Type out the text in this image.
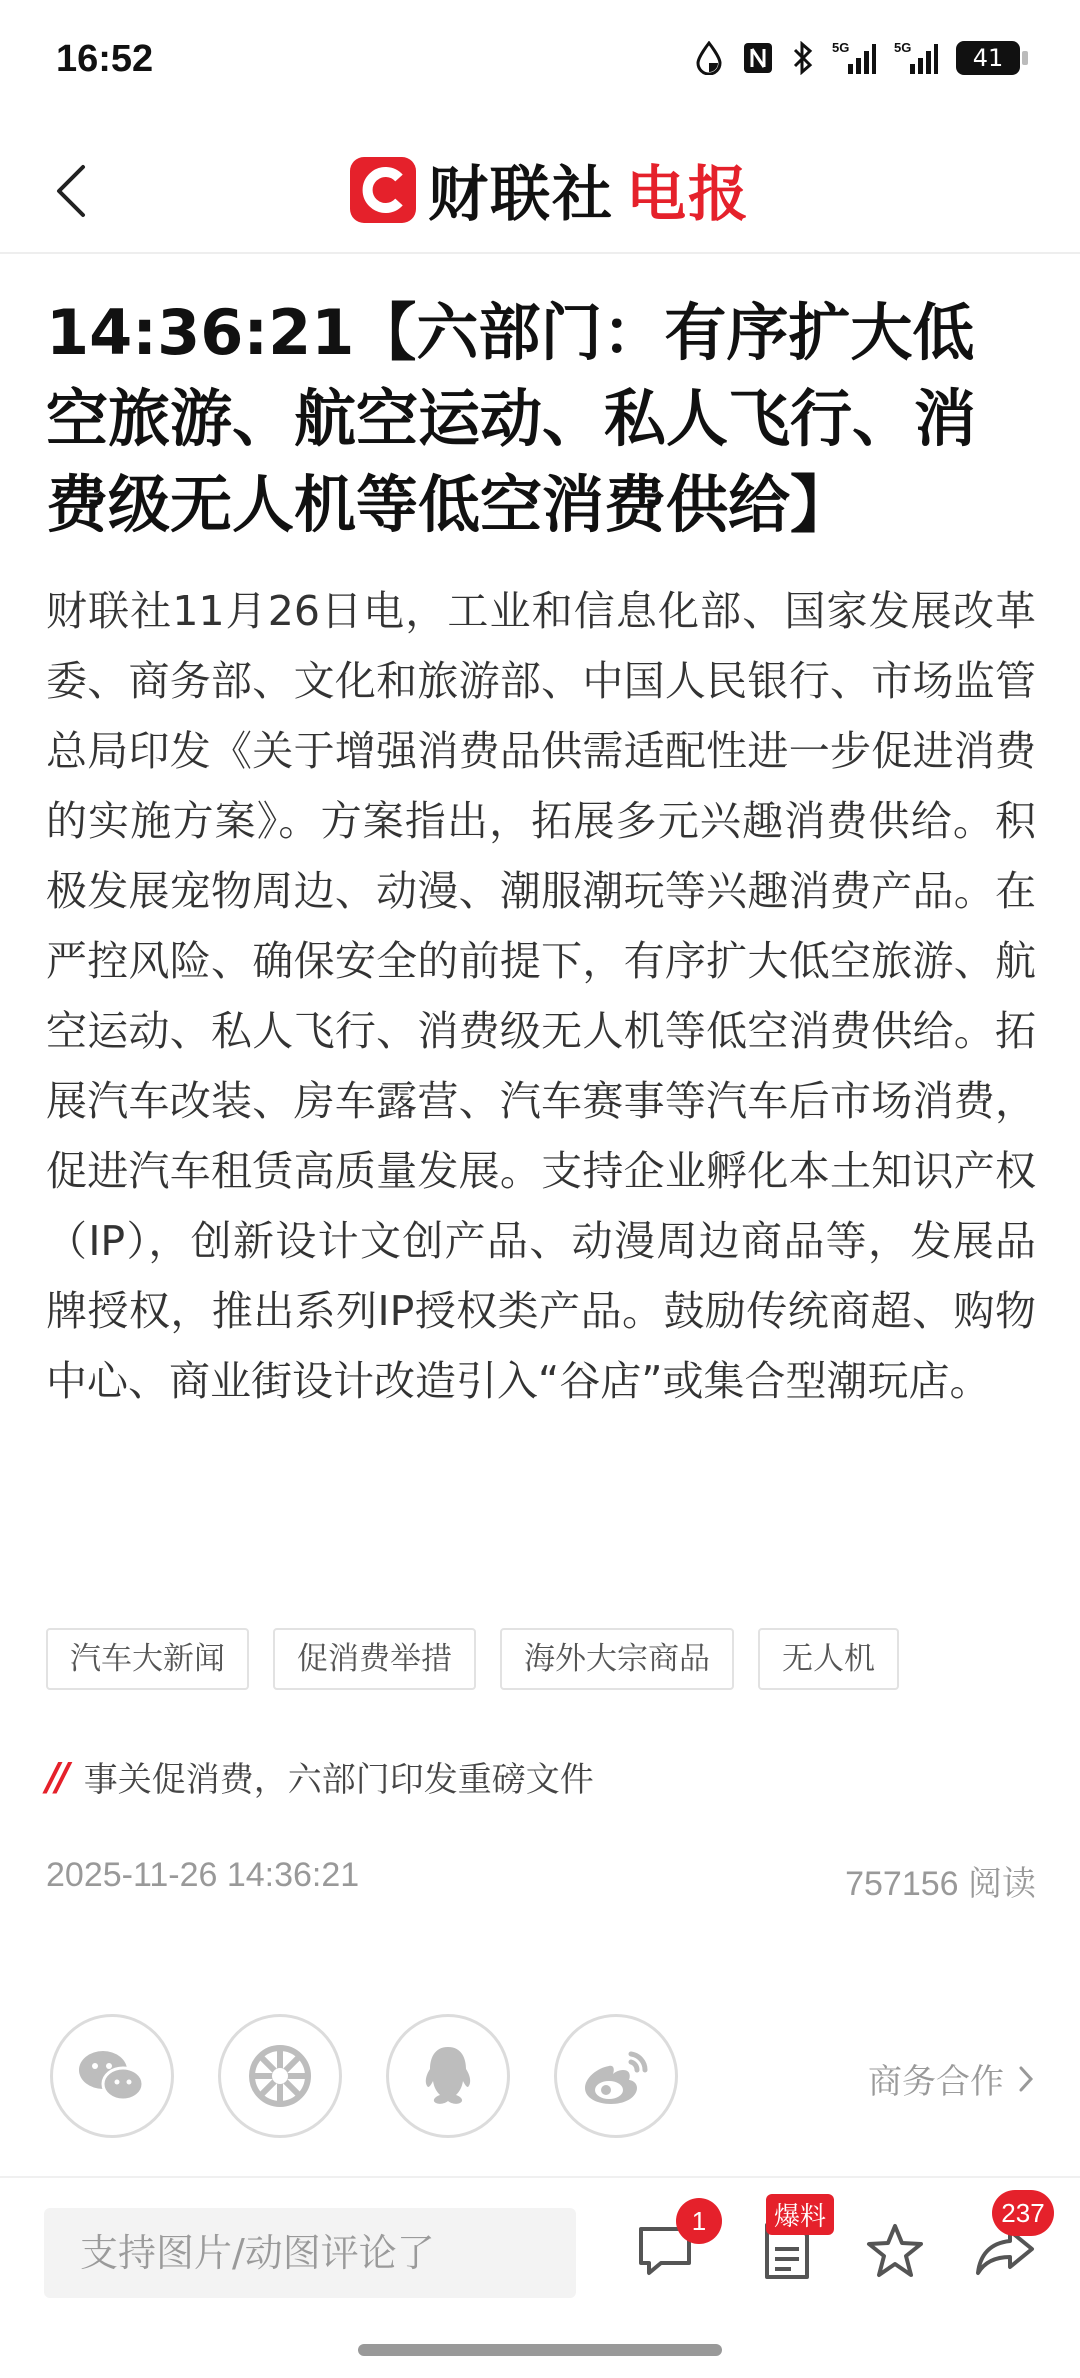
16:52	5G	5G	41
财联社 电报
14:36:21【六部门：有序扩大低空旅游、航空运动、私人飞行、消费级无人机等低空消费供给】
财联社11月26日电，工业和信息化部、国家发展改革委、商务部、文化和旅游部、中国人民银行、市场监管总局印发《关于增强消费品供需适配性进一步促进消费的实施方案》。方案指出，拓展多元兴趣消费供给。积极发展宠物周边、动漫、潮服潮玩等兴趣消费产品。在严控风险、确保安全的前提下，有序扩大低空旅游、航空运动、私人飞行、消费级无人机等低空消费供给。拓展汽车改装、房车露营、汽车赛事等汽车后市场消费，促进汽车租赁高质量发展。支持企业孵化本土知识产权（IP），创新设计文创产品、动漫周边商品等，发展品牌授权，推出系列IP授权类产品。鼓励传统商超、购物中心、商业街设计改造引入“谷店”或集合型潮玩店。
汽车大新闻	促消费举措	海外大宗商品	无人机
// 事关促消费，六部门印发重磅文件
2025-11-26 14:36:21	757156 阅读
商务合作
支持图片/动图评论了
1	爆料	237
